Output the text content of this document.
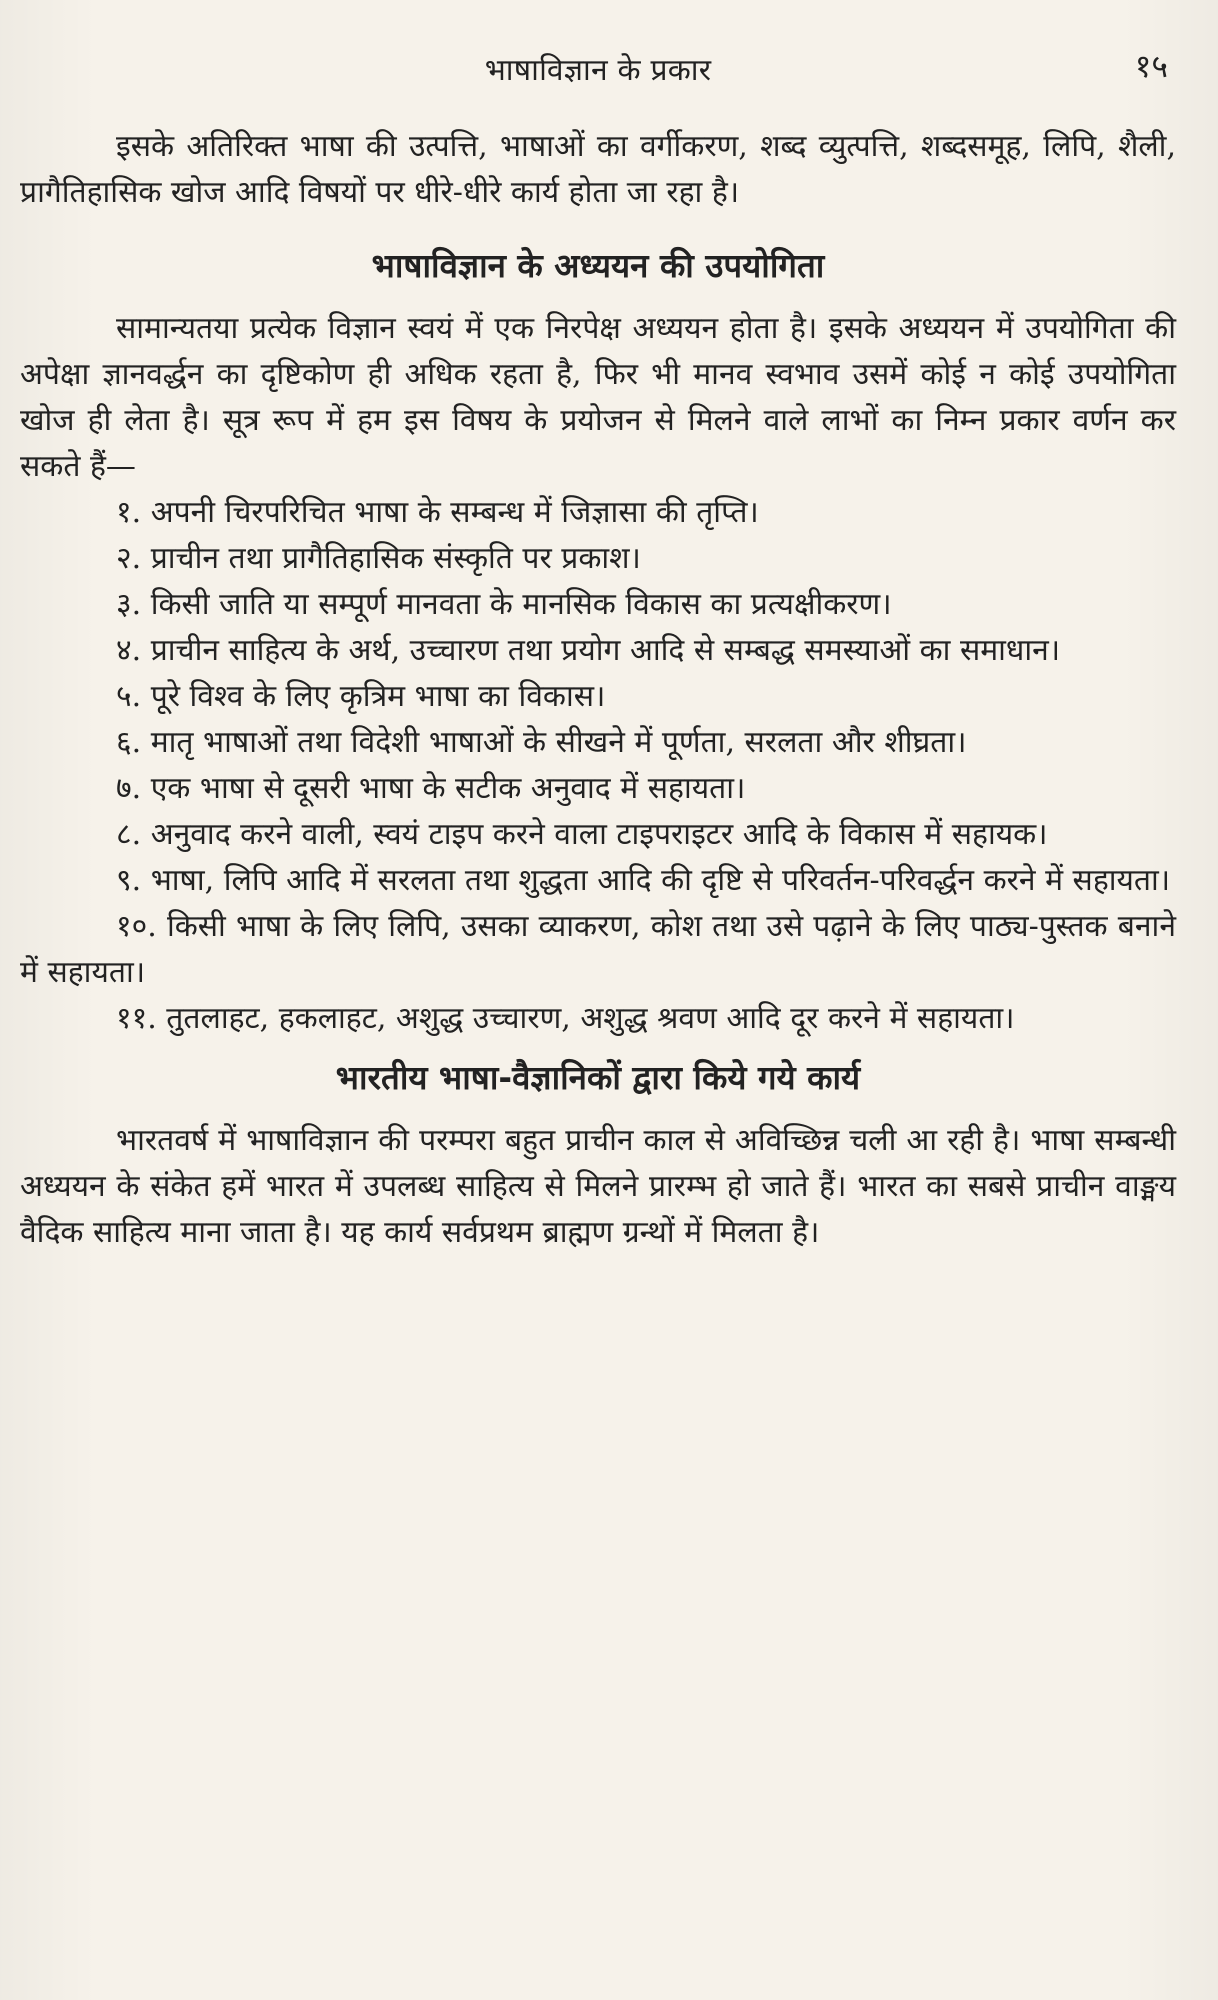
भाषाविज्ञान के प्रकार	१५

इसके अतिरिक्त भाषा की उत्पत्ति, भाषाओं का वर्गीकरण, शब्द व्युत्पत्ति, शब्दसमूह, लिपि, शैली, प्रागैतिहासिक खोज आदि विषयों पर धीरे-धीरे कार्य होता जा रहा है।

भाषाविज्ञान के अध्ययन की उपयोगिता

सामान्यतया प्रत्येक विज्ञान स्वयं में एक निरपेक्ष अध्ययन होता है। इसके अध्ययन में उपयोगिता की अपेक्षा ज्ञानवर्द्धन का दृष्टिकोण ही अधिक रहता है, फिर भी मानव स्वभाव उसमें कोई न कोई उपयोगिता खोज ही लेता है। सूत्र रूप में हम इस विषय के प्रयोजन से मिलने वाले लाभों का निम्न प्रकार वर्णन कर सकते हैं—

१. अपनी चिरपरिचित भाषा के सम्बन्ध में जिज्ञासा की तृप्ति।
२. प्राचीन तथा प्रागैतिहासिक संस्कृति पर प्रकाश।
३. किसी जाति या सम्पूर्ण मानवता के मानसिक विकास का प्रत्यक्षीकरण।
४. प्राचीन साहित्य के अर्थ, उच्चारण तथा प्रयोग आदि से सम्बद्ध समस्याओं का समाधान।
५. पूरे विश्व के लिए कृत्रिम भाषा का विकास।
६. मातृ भाषाओं तथा विदेशी भाषाओं के सीखने में पूर्णता, सरलता और शीघ्रता।
७. एक भाषा से दूसरी भाषा के सटीक अनुवाद में सहायता।
८. अनुवाद करने वाली, स्वयं टाइप करने वाला टाइपराइटर आदि के विकास में सहायक।
९. भाषा, लिपि आदि में सरलता तथा शुद्धता आदि की दृष्टि से परिवर्तन-परिवर्द्धन करने में सहायता।
१०. किसी भाषा के लिए लिपि, उसका व्याकरण, कोश तथा उसे पढ़ाने के लिए पाठ्य-पुस्तक बनाने में सहायता।
११. तुतलाहट, हकलाहट, अशुद्ध उच्चारण, अशुद्ध श्रवण आदि दूर करने में सहायता।
भारतीय भाषा-वैज्ञानिकों द्वारा किये गये कार्य

भारतवर्ष में भाषाविज्ञान की परम्परा बहुत प्राचीन काल से अविच्छिन्न चली आ रही है। भाषा सम्बन्धी अध्ययन के संकेत हमें भारत में उपलब्ध साहित्य से मिलने प्रारम्भ हो जाते हैं। भारत का सबसे प्राचीन वाङ्मय वैदिक साहित्य माना जाता है। यह कार्य सर्वप्रथम ब्राह्मण ग्रन्थों में मिलता है।
